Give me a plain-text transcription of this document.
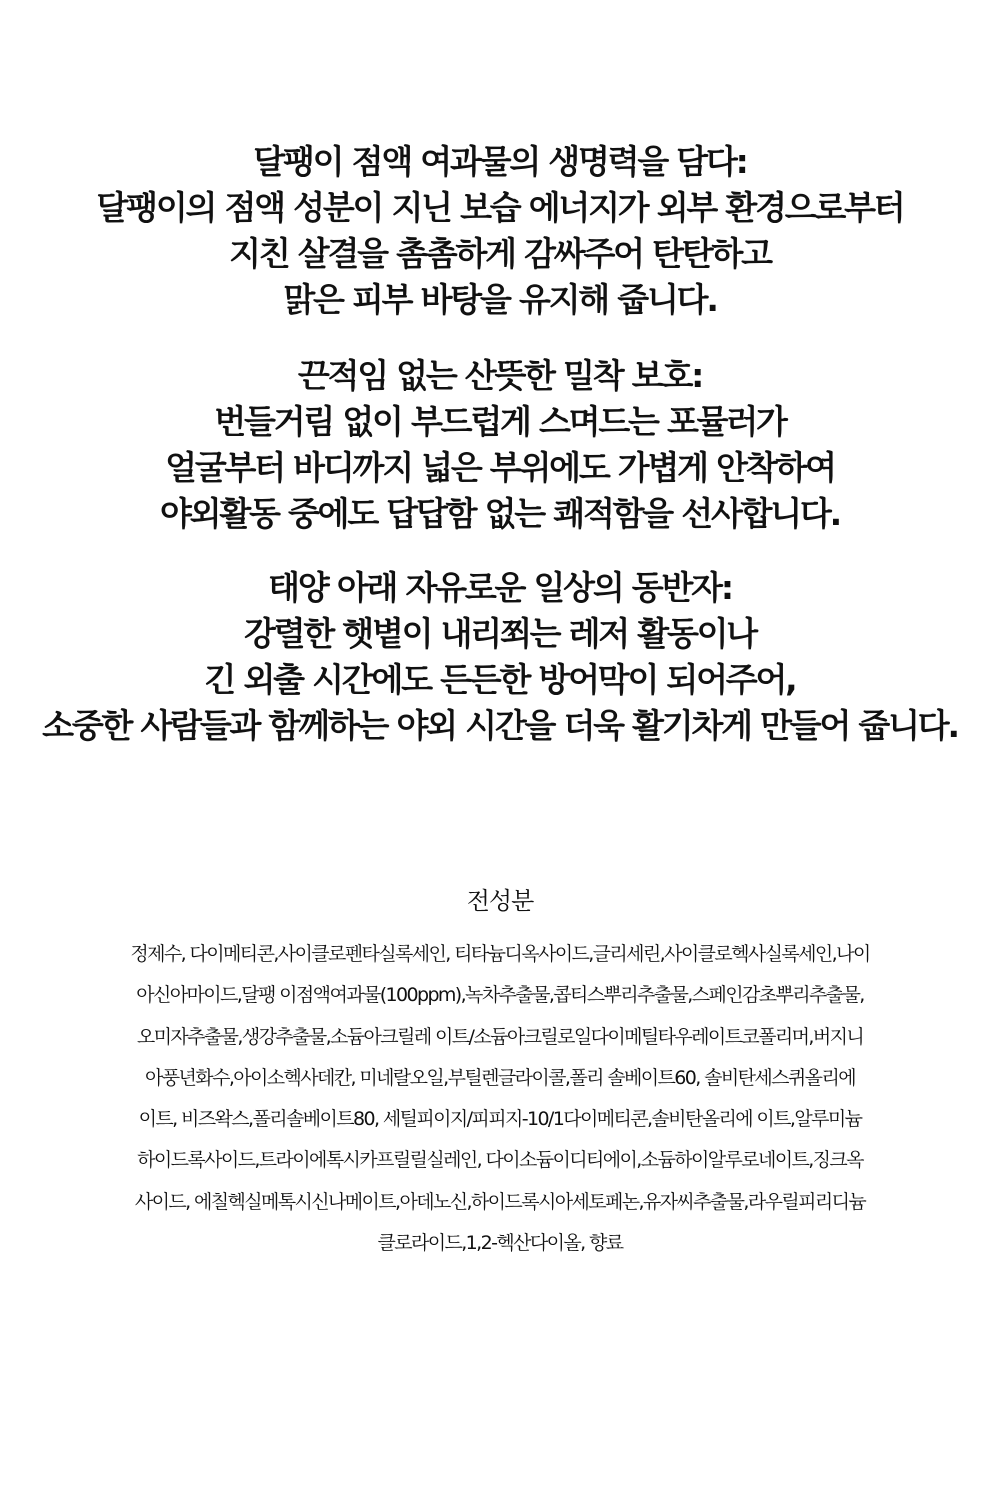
달팽이 점액 여과물의 생명력을 담다:
달팽이의 점액 성분이 지닌 보습 에너지가 외부 환경으로부터
지친 살결을 촘촘하게 감싸주어 탄탄하고
맑은 피부 바탕을 유지해 줍니다.
끈적임 없는 산뜻한 밀착 보호:
번들거림 없이 부드럽게 스며드는 포뮬러가
얼굴부터 바디까지 넓은 부위에도 가볍게 안착하여
야외활동 중에도 답답함 없는 쾌적함을 선사합니다.
태양 아래 자유로운 일상의 동반자:
강렬한 햇볕이 내리쬐는 레저 활동이나
긴 외출 시간에도 든든한 방어막이 되어주어,
소중한 사람들과 함께하는 야외 시간을 더욱 활기차게 만들어 줍니다.
전성분
정제수, 다이메티콘,사이클로펜타실록세인, 티타늄디옥사이드,글리세린,사이클로헥사실록세인,나이
아신아마이드,달팽 이점액여과물(100ppm),녹차추출물,콥티스뿌리추출물,스페인감초뿌리추출물,
오미자추출물,생강추출물,소듐아크릴레 이트/소듐아크릴로일다이메틸타우레이트코폴리머,버지니
아풍년화수,아이소헥사데칸, 미네랄오일,부틸렌글라이콜,폴리 솔베이트60, 솔비탄세스퀴올리에
이트, 비즈왁스,폴리솔베이트80, 세틸피이지/피피지-10/1다이메티콘,솔비탄올리에 이트,알루미늄
하이드록사이드,트라이에톡시카프릴릴실레인, 다이소듐이디티에이,소듐하이알루로네이트,징크옥
사이드, 에칠헥실메톡시신나메이트,아데노신,하이드록시아세토페논,유자씨추출물,라우릴피리디늄
클로라이드,1,2-헥산다이올, 향료
